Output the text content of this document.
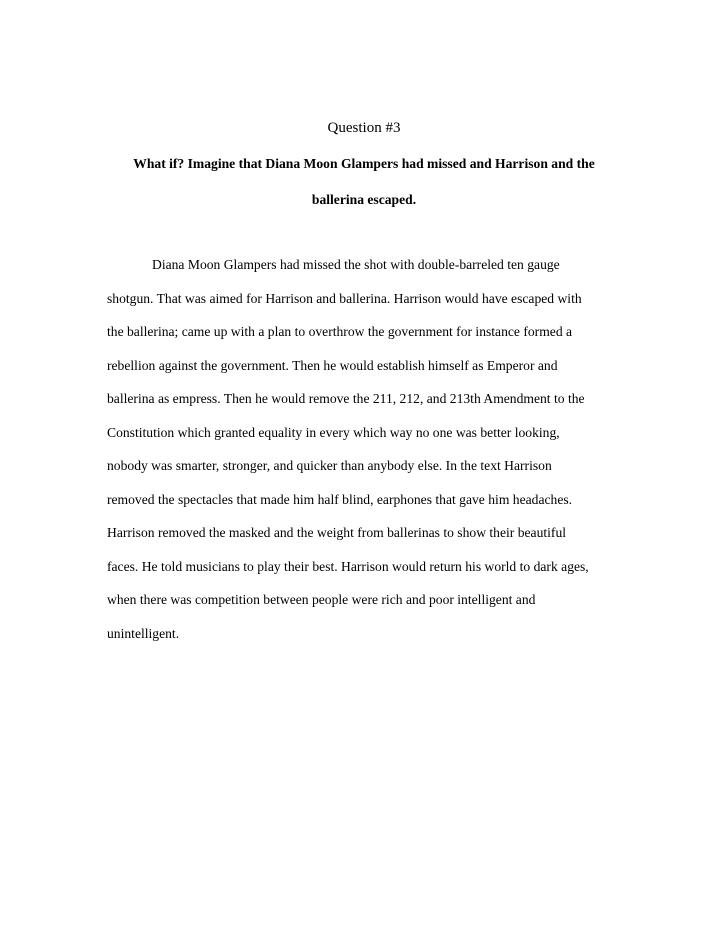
Question #3
What if? Imagine that Diana Moon Glampers had missed and Harrison and the
ballerina escaped.
Diana Moon Glampers had missed the shot with double-barreled ten gauge
shotgun. That was aimed for Harrison and ballerina. Harrison would have escaped with
the ballerina; came up with a plan to overthrow the government for instance formed a
rebellion against the government. Then he would establish himself as Emperor and
ballerina as empress. Then he would remove the 211, 212, and 213th Amendment to the
Constitution which granted equality in every which way no one was better looking,
nobody was smarter, stronger, and quicker than anybody else. In the text Harrison
removed the spectacles that made him half blind, earphones that gave him headaches.
Harrison removed the masked and the weight from ballerinas to show their beautiful
faces. He told musicians to play their best. Harrison would return his world to dark ages,
when there was competition between people were rich and poor intelligent and
unintelligent.
